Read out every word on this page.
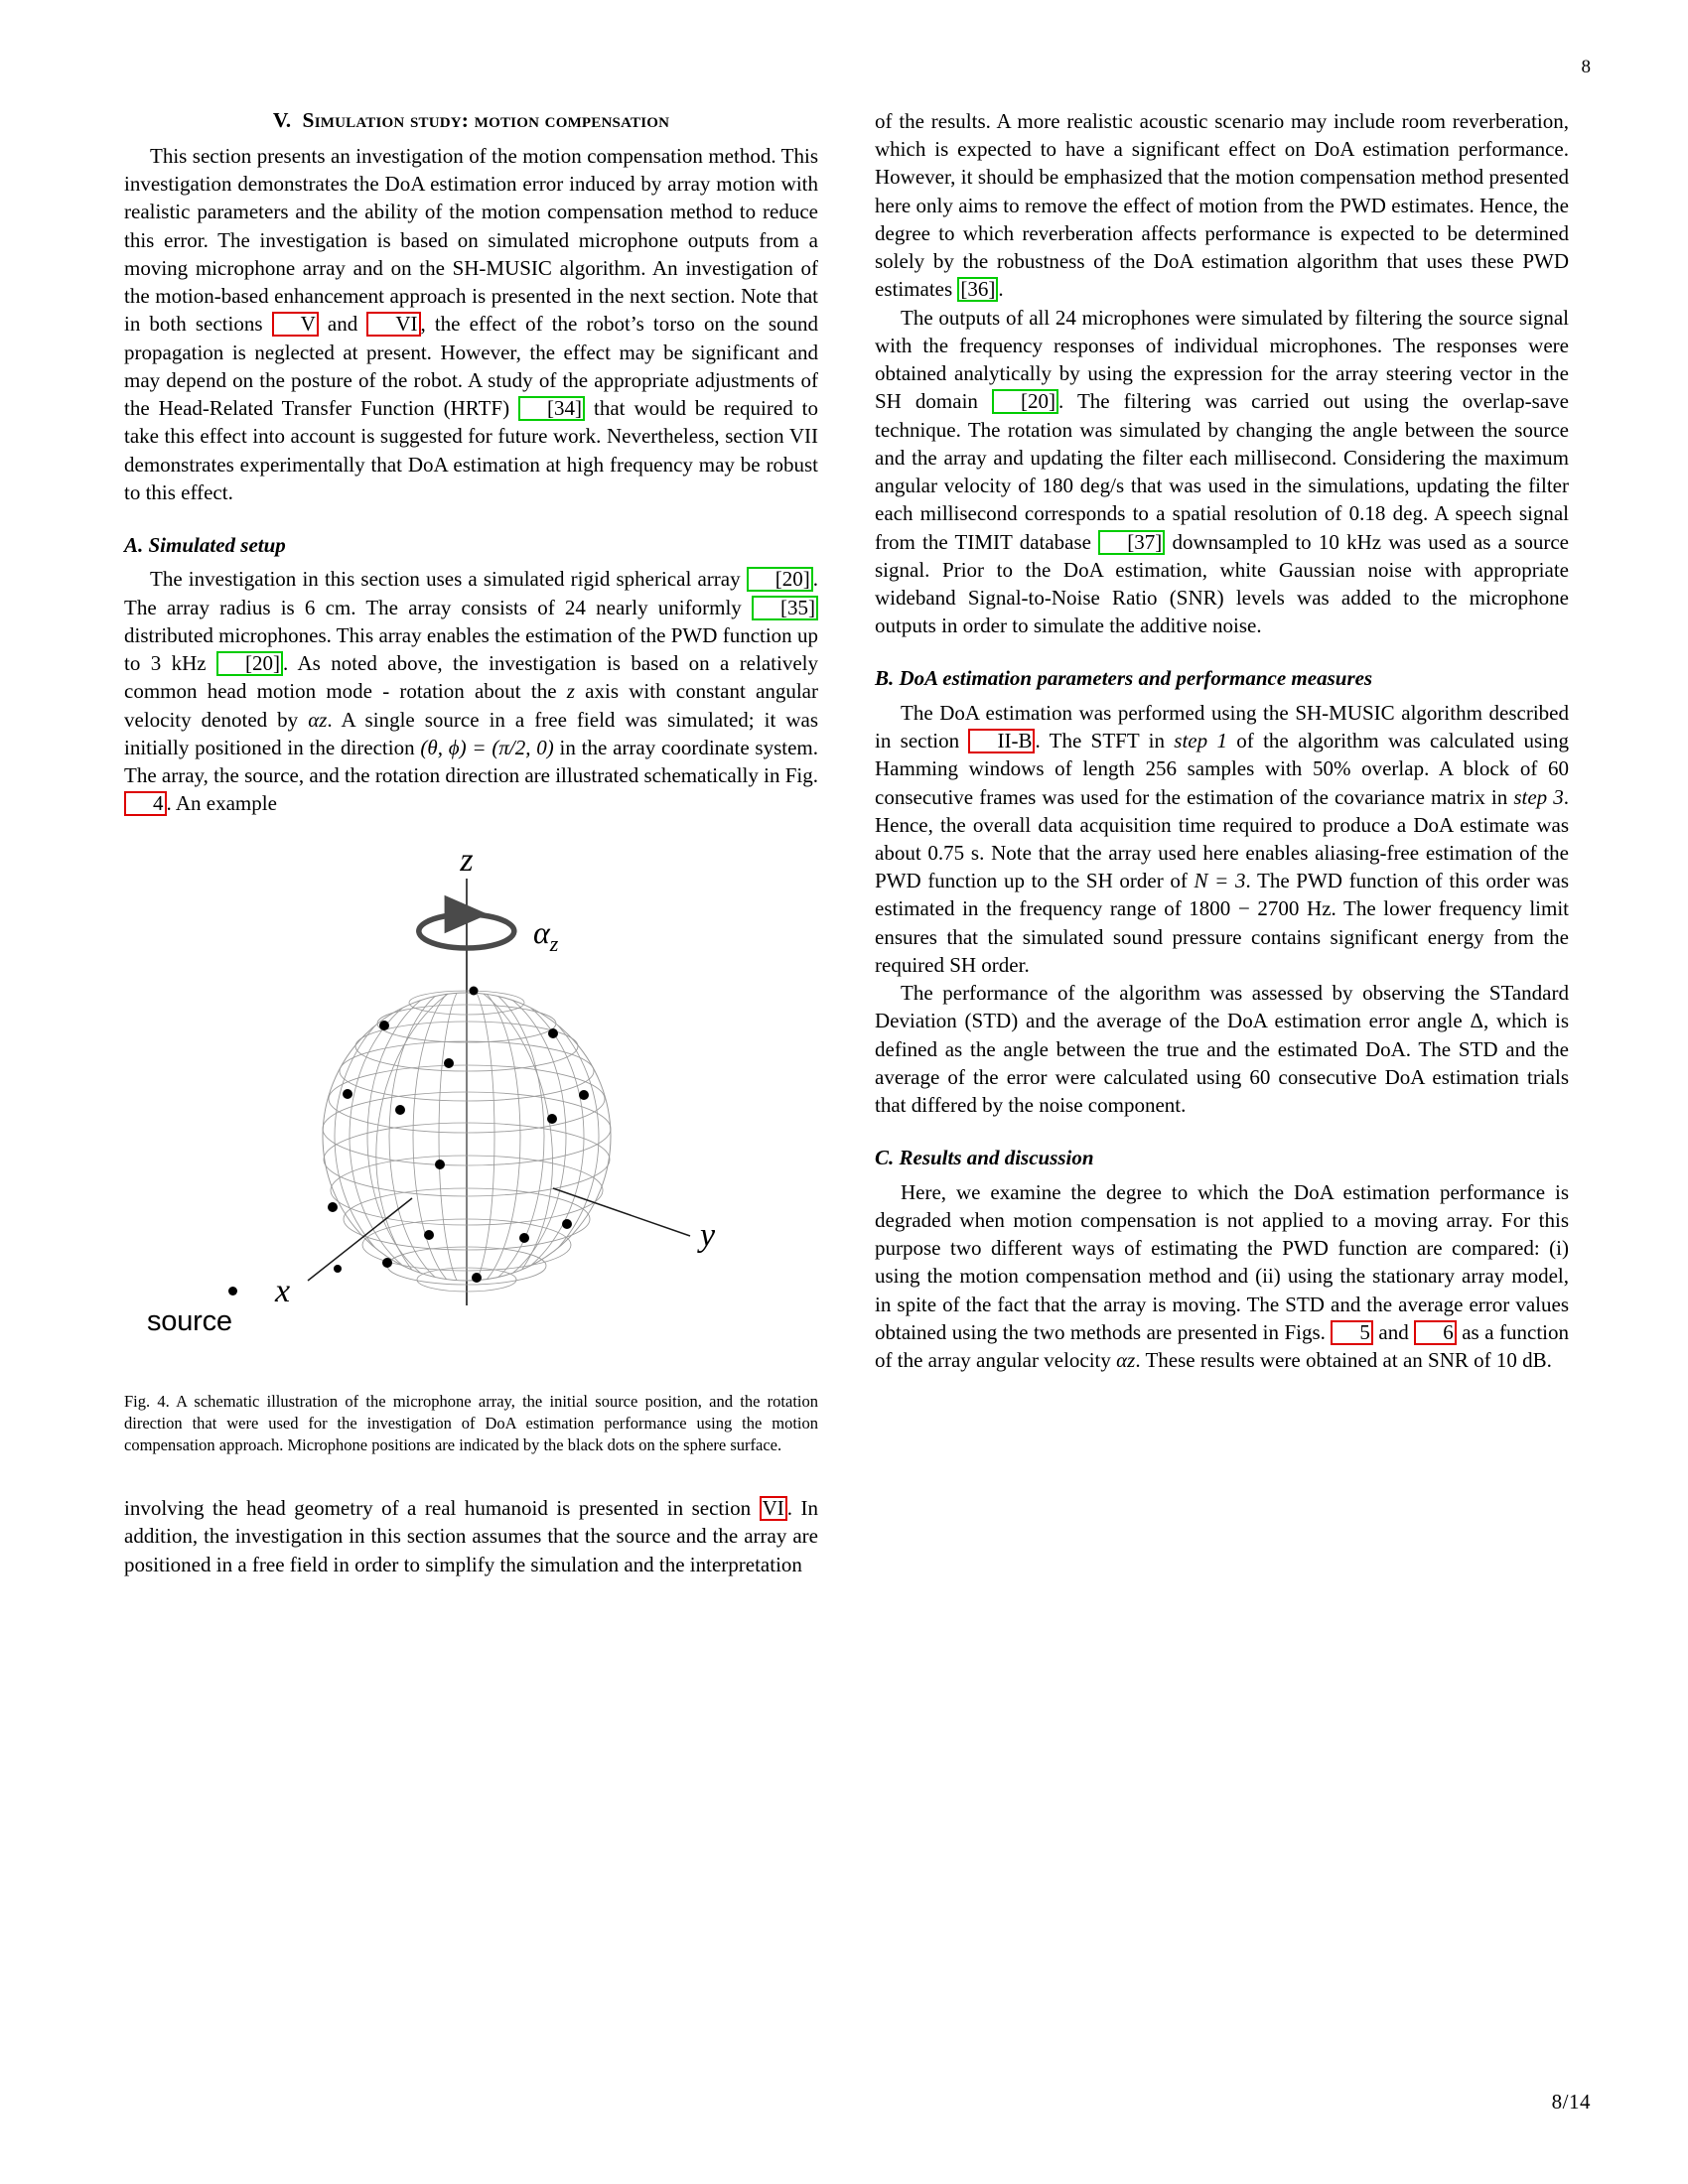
8
V. Simulation study: motion compensation

This section presents an investigation of the motion compensation method. This investigation demonstrates the DoA estimation error induced by array motion with realistic parameters and the ability of the motion compensation method to reduce this error. The investigation is based on simulated microphone outputs from a moving microphone array and on the SH-MUSIC algorithm. An investigation of the motion-based enhancement approach is presented in the next section. Note that in both sections V and VI , the effect of the robot’s torso on the sound propagation is neglected at present. However, the effect may be significant and may depend on the posture of the robot. A study of the appropriate adjustments of the Head-Related Transfer Function (HRTF) [34] that would be required to take this effect into account is suggested for future work. Nevertheless, section VII demonstrates experimentally that DoA estimation at high frequency may be robust to this effect.

A. Simulated setup

The investigation in this section uses a simulated rigid spherical array [20] . The array radius is 6 cm. The array consists of 24 nearly uniformly [35] distributed microphones. This array enables the estimation of the PWD function up to 3 kHz [20] . As noted above, the investigation is based on a relatively common head motion mode - rotation about the z axis with constant angular velocity denoted by αz. A single source in a free field was simulated; it was initially positioned in the direction (θ, ϕ) = (π/2, 0) in the array coordinate system. The array, the source, and the rotation direction are illustrated schematically in Fig. 4 . An example

z
$\alpha_z$
x
y
source
Fig. 4. A schematic illustration of the microphone array, the initial source position, and the rotation direction that were used for the investigation of DoA estimation performance using the motion compensation approach. Microphone positions are indicated by the black dots on the sphere surface.

involving the head geometry of a real humanoid is presented in section VI . In addition, the investigation in this section assumes that the source and the array are positioned in a free field in order to simplify the simulation and the interpretation

of the results. A more realistic acoustic scenario may include room reverberation, which is expected to have a significant effect on DoA estimation performance. However, it should be emphasized that the motion compensation method presented here only aims to remove the effect of motion from the PWD estimates. Hence, the degree to which reverberation affects performance is expected to be determined solely by the robustness of the DoA estimation algorithm that uses these PWD estimates [36] .

The outputs of all 24 microphones were simulated by filtering the source signal with the frequency responses of individual microphones. The responses were obtained analytically by using the expression for the array steering vector in the SH domain [20] . The filtering was carried out using the overlap-save technique. The rotation was simulated by changing the angle between the source and the array and updating the filter each millisecond. Considering the maximum angular velocity of 180 deg/s that was used in the simulations, updating the filter each millisecond corresponds to a spatial resolution of 0.18 deg. A speech signal from the TIMIT database [37] downsampled to 10 kHz was used as a source signal. Prior to the DoA estimation, white Gaussian noise with appropriate wideband Signal-to-Noise Ratio (SNR) levels was added to the microphone outputs in order to simulate the additive noise.

B. DoA estimation parameters and performance measures

The DoA estimation was performed using the SH-MUSIC algorithm described in section II-B . The STFT in step 1 of the algorithm was calculated using Hamming windows of length 256 samples with 50% overlap. A block of 60 consecutive frames was used for the estimation of the covariance matrix in step 3. Hence, the overall data acquisition time required to produce a DoA estimate was about 0.75 s. Note that the array used here enables aliasing-free estimation of the PWD function up to the SH order of N = 3. The PWD function of this order was estimated in the frequency range of 1800 − 2700 Hz. The lower frequency limit ensures that the simulated sound pressure contains significant energy from the required SH order.

The performance of the algorithm was assessed by observing the STandard Deviation (STD) and the average of the DoA estimation error angle Δ, which is defined as the angle between the true and the estimated DoA. The STD and the average of the error were calculated using 60 consecutive DoA estimation trials that differed by the noise component.

C. Results and discussion

Here, we examine the degree to which the DoA estimation performance is degraded when motion compensation is not applied to a moving array. For this purpose two different ways of estimating the PWD function are compared: (i) using the motion compensation method and (ii) using the stationary array model, in spite of the fact that the array is moving. The STD and the average error values obtained using the two methods are presented in Figs. 5 and 6 as a function of the array angular velocity αz. These results were obtained at an SNR of 10 dB.

8/14
